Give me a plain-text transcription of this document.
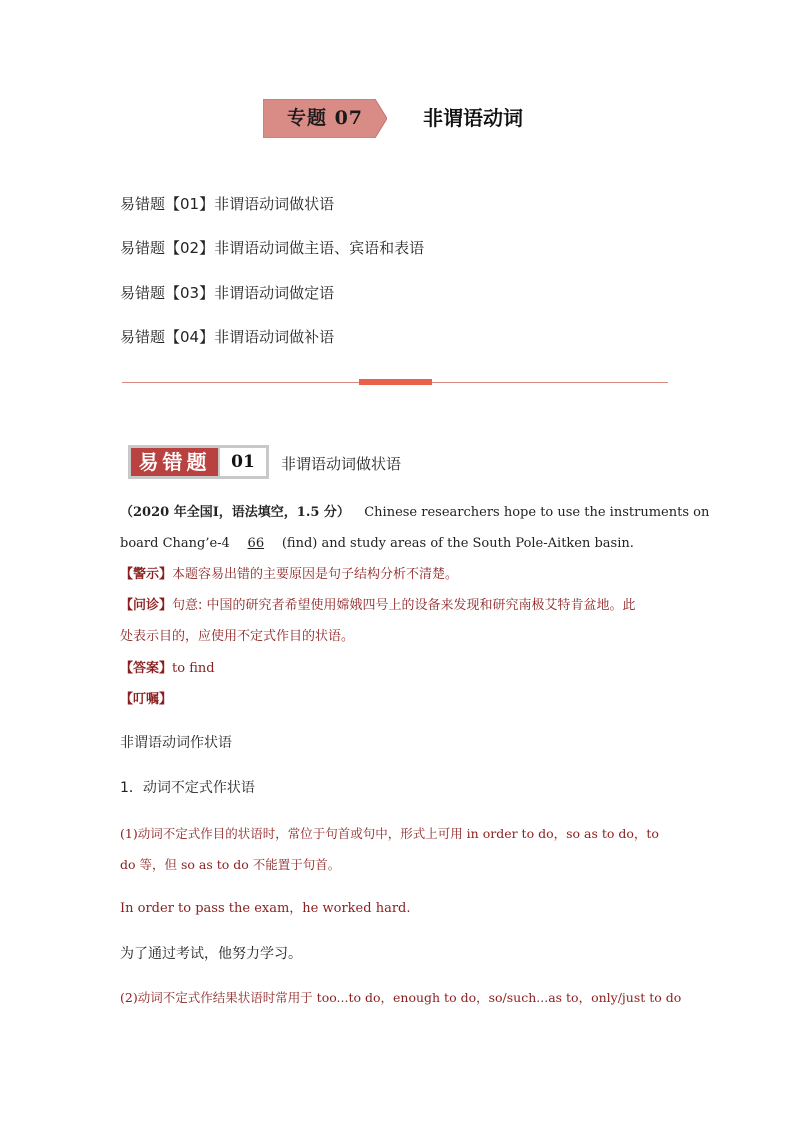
专题 07	非谓语动词
易错题【01】非谓语动词做状语
易错题【02】非谓语动词做主语、宾语和表语
易错题【03】非谓语动词做定语
易错题【04】非谓语动词做补语
易错题	01	非谓语动词做状语
（2020 年全国Ⅰ，语法填空，1.5 分） Chinese researchers hope to use the instruments on
board Chang’e-4 66 (find) and study areas of the South Pole-Aitken basin.
【警示】本题容易出错的主要原因是句子结构分析不清楚。
【问诊】句意: 中国的研究者希望使用嫦娥四号上的设备来发现和研究南极艾特肯盆地。此
处表示目的，应使用不定式作目的状语。
【答案】to find
【叮嘱】
非谓语动词作状语
1．动词不定式作状语
(1)动词不定式作目的状语时，常位于句首或句中，形式上可用 in order to do，so as to do，to
do 等，但 so as to do 不能置于句首。
In order to pass the exam，he worked hard.
为了通过考试，他努力学习。
(2)动词不定式作结果状语时常用于 too...to do，enough to do，so/such...as to，only/just to do
